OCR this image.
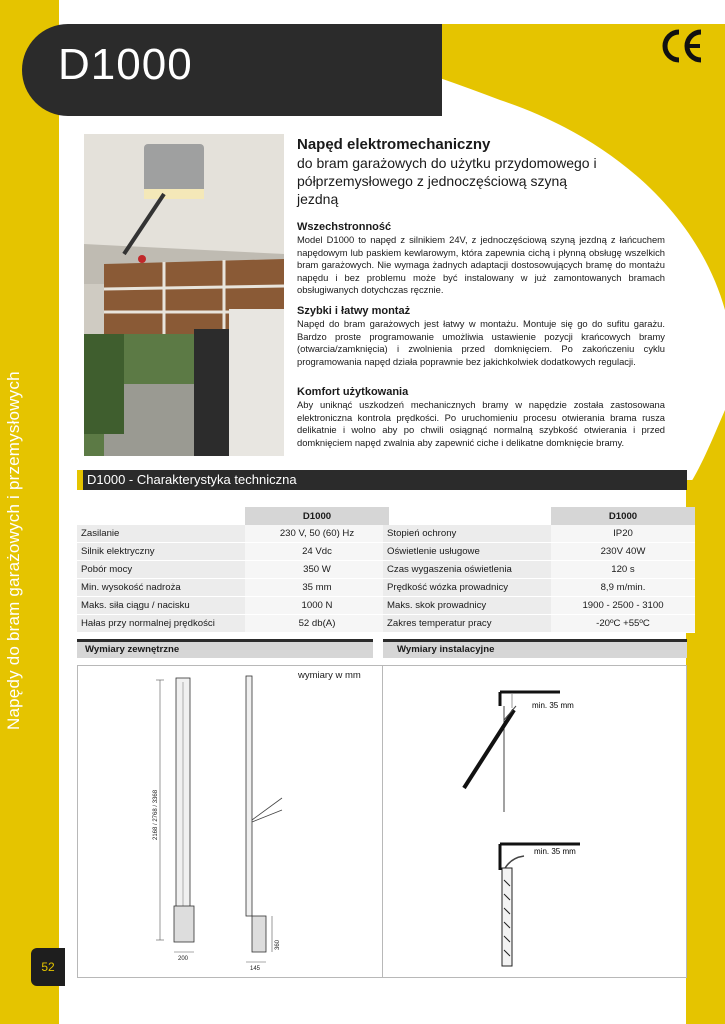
Napędy do bram garażowych i przemysłowych
52
D1000
Napęd elektromechaniczny
do bram garażowych do użytku przydomowego i półprzemysłowego z jednoczęściową szyną jezdną
Wszechstronność
Model D1000 to napęd z silnikiem 24V, z jednoczęściową szyną jezdną z łańcuchem napędowym lub paskiem kewlarowym, która zapewnia cichą i płynną obsługę wszelkich bram garażowych. Nie wymaga żadnych adaptacji dostosowujących bramę do montażu napędu i bez problemu może być instalowany w już zamontowanych bramach obsługiwanych dotychczas ręcznie.
Szybki i łatwy montaż
Napęd do bram garażowych jest łatwy w montażu. Montuje się go do sufitu garażu. Bardzo proste programowanie umożliwia ustawienie pozycji krańcowych bramy (otwarcia/zamknięcia) i zwolnienia przed domknięciem. Po zakończeniu cyklu programowania napęd działa poprawnie bez jakichkolwiek dodatkowych regulacji.
Komfort użytkowania
Aby uniknąć uszkodzeń mechanicznych bramy w napędzie została zastosowana elektroniczna kontrola prędkości. Po uruchomieniu procesu otwierania brama rusza delikatnie i wolno aby po chwili osiągnąć normalną szybkość otwierania i przed domknięciem napęd zwalnia aby zapewnić ciche i delikatne domknięcie bramy.
D1000 - Charakterystyka techniczna
	D1000
Zasilanie	230 V, 50 (60) Hz
Silnik elektryczny	24 Vdc
Pobór mocy	350 W
Min. wysokość nadroża	35 mm
Maks. siła ciągu / nacisku	1000 N
Hałas przy normalnej prędkości	52 db(A)
	D1000
Stopień ochrony	IP20
Oświetlenie usługowe	230V 40W
Czas wygaszenia oświetlenia	120 s
Prędkość wózka prowadnicy	8,9 m/min.
Maks. skok prowadnicy	1900 - 2500 - 3100
Zakres temperatur pracy	-20ºC +55ºC
Wymiary zewnętrzne	Wymiary instalacyjne
wymiary w mm
2168 / 2768 / 3368
200
360
145
min. 35 mm
min. 35 mm
